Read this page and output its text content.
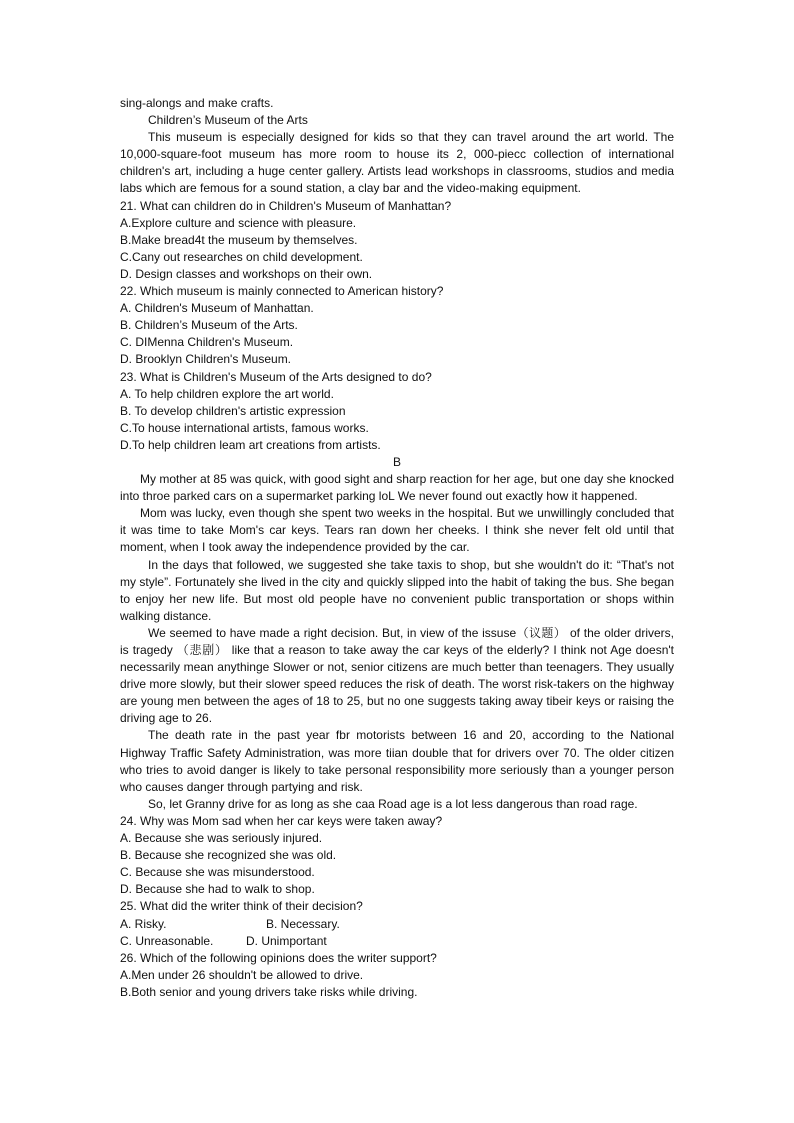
sing-alongs and make crafts.
Children’s Museum of the Arts
This museum is especially designed for kids so that they can travel around the art world. The 10,000-square-foot museum has more room to house its 2, 000-piecc collection of international children's art, including a huge center gallery. Artists lead workshops in classrooms, studios and media labs which are femous for a sound station, a clay bar and the video-making equipment.
21. What can children do in Children's Museum of Manhattan?
A.Explore culture and science with pleasure.
B.Make bread4t the museum by themselves.
C.Cany out researches on child development.
D. Design classes and workshops on their own.
22. Which museum is mainly connected to American history?
A. Children's Museum of Manhattan.
B. Children’s Museum of the Arts.
C. DIMenna Children's Museum.
D. Brooklyn Children's Museum.
23. What is Children's Museum of the Arts designed to do?
A. To help children explore the art world.
B. To develop children's artistic expression
C.To house international artists, famous works.
D.To help children leam art creations from artists.
B
My mother at 85 was quick, with good sight and sharp reaction for her age, but one day she knocked into throe parked cars on a supermarket parking loL We never found out exactly how it happened.
Mom was lucky, even though she spent two weeks in the hospital. But we unwillingly concluded that it was time to take Mom's car keys. Tears ran down her cheeks. I think she never felt old until that moment, when I took away the independence provided by the car.
In the days that followed, we suggested she take taxis to shop, but she wouldn't do it: “That's not my style”. Fortunately she lived in the city and quickly slipped into the habit of taking the bus. She began to enjoy her new life. But most old people have no convenient public transportation or shops within walking distance.
We seemed to have made a right decision. But, in view of the issuse（议题） of the older drivers, is tragedy （悲剧） like that a reason to take away the car keys of the elderly? I think not Age doesn't necessarily mean anythinge Slower or not, senior citizens are much better than teenagers. They usually drive more slowly, but their slower speed reduces the risk of death. The worst risk-takers on the highway are young men between the ages of 18 to 25, but no one suggests taking away tibeir keys or raising the driving age to 26.
The death rate in the past year fbr motorists between 16 and 20, according to the National Highway Traffic Safety Administration, was more tiian double that for drivers over 70. The older citizen who tries to avoid danger is likely to take personal responsibility more seriously than a younger person who causes danger through partying and risk.
So, let Granny drive for as long as she caa Road age is a lot less dangerous than road rage.
24. Why was Mom sad when her car keys were taken away?
A. Because she was seriously injured.
B. Because she recognized she was old.
C. Because she was misunderstood.
D. Because she had to walk to shop.
25. What did the writer think of their decision?
A. Risky.	B. Necessary.
C. Unreasonable.	D. Unimportant
26. Which of the following opinions does the writer support?
A.Men under 26 shouldn't be allowed to drive.
B.Both senior and young drivers take risks while driving.
